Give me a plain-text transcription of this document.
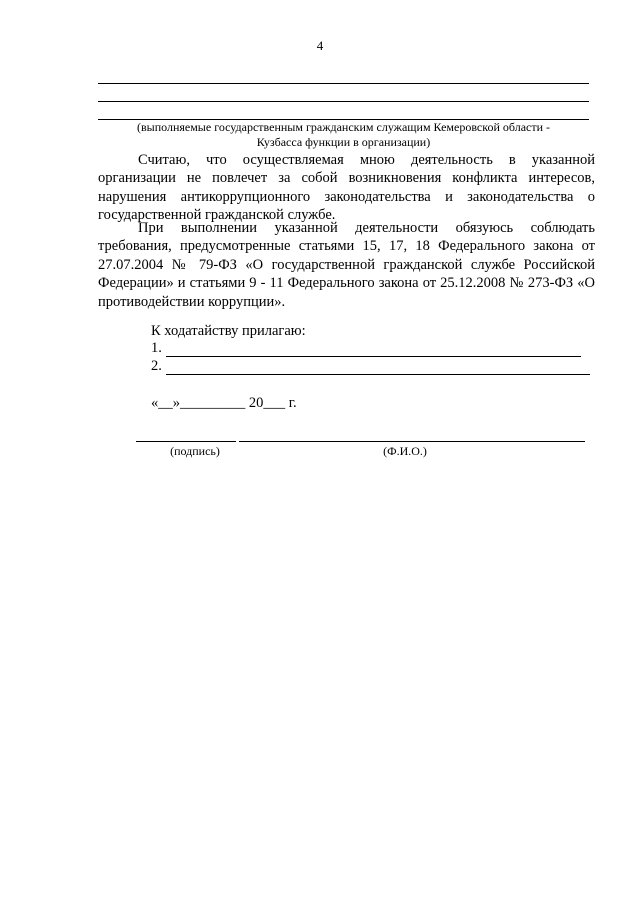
4
(выполняемые государственным гражданским служащим Кемеровской области -
Кузбасса функции в организации)
Считаю, что осуществляемая мною деятельность в указанной организации не повлечет за собой возникновения конфликта интересов, нарушения антикоррупционного законодательства и законодательства о государственной гражданской службе.
При выполнении указанной деятельности обязуюсь соблюдать требования, предусмотренные статьями 15, 17, 18 Федерального закона от 27.07.2004 № 79-ФЗ «О государственной гражданской службе Российской Федерации» и статьями 9 - 11 Федерального закона от 25.12.2008 № 273-ФЗ «О противодействии коррупции».
К ходатайству прилагаю:
1.
2.
«__»_________ 20___ г.
(подпись)	(Ф.И.О.)
